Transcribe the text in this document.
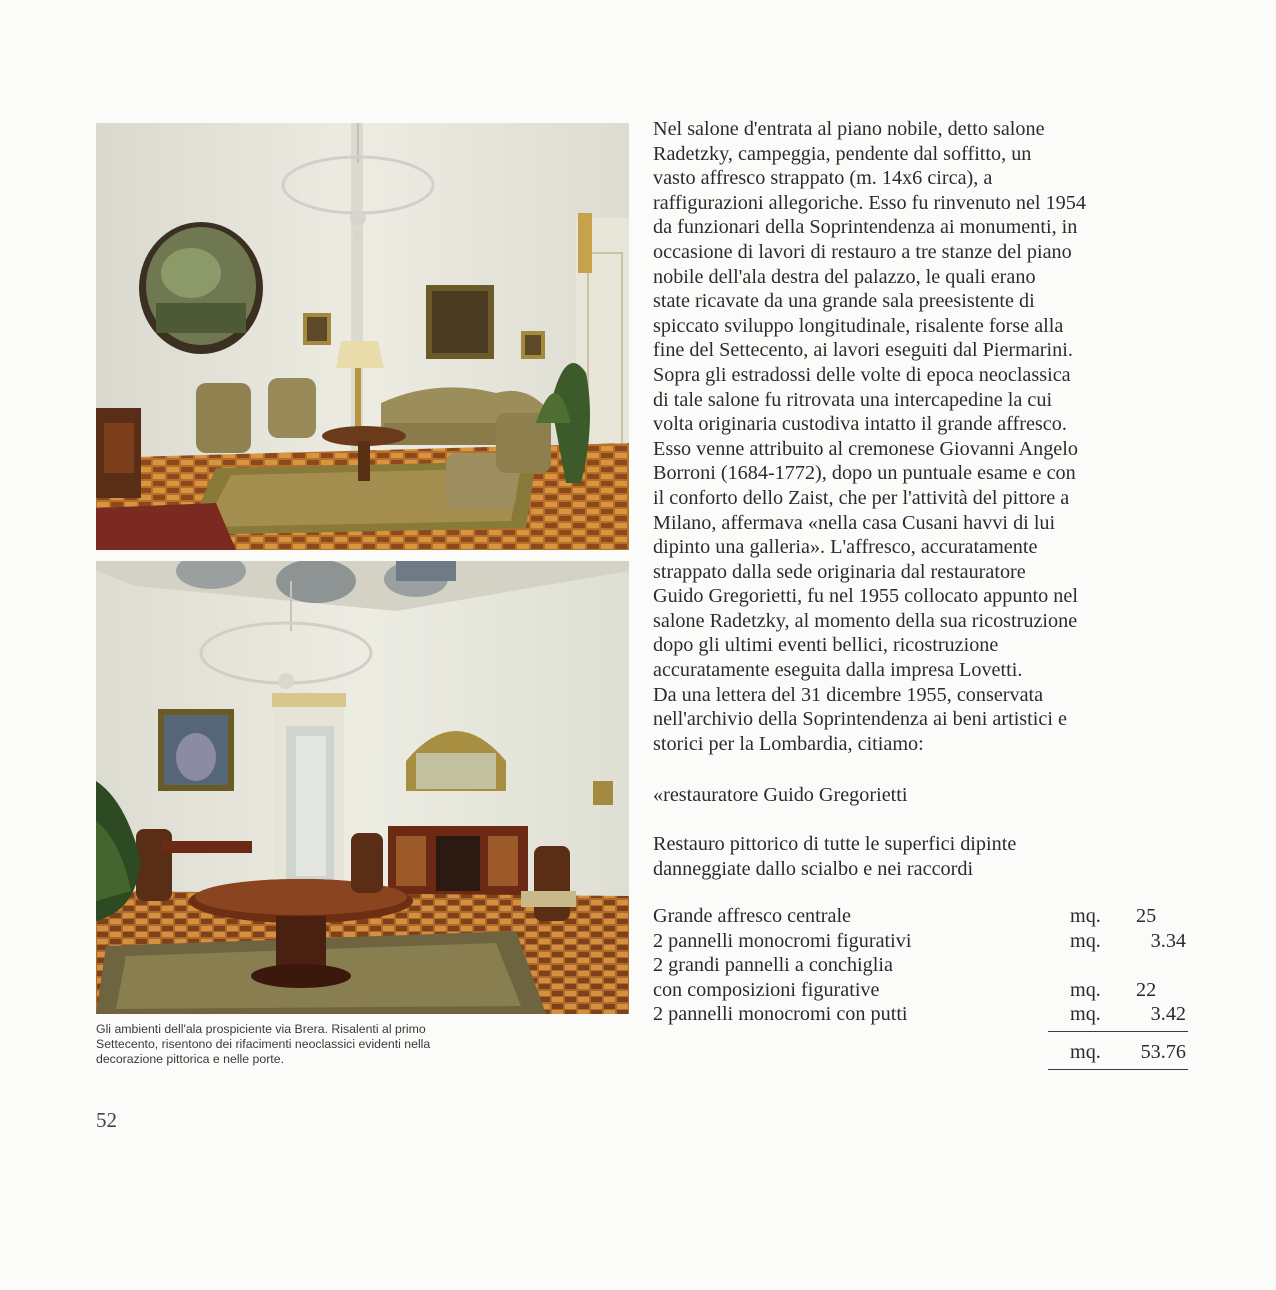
Gli ambienti dell'ala prospiciente via Brera. Risalenti al primo
Settecento, risentono dei rifacimenti neoclassici evidenti nella
decorazione pittorica e nelle porte.
52
Nel salone d'entrata al piano nobile, detto salone
Radetzky, campeggia, pendente dal soffitto, un
vasto affresco strappato (m. 14x6 circa), a
raffigurazioni allegoriche. Esso fu rinvenuto nel 1954
da funzionari della Soprintendenza ai monumenti, in
occasione di lavori di restauro a tre stanze del piano
nobile dell'ala destra del palazzo, le quali erano
state ricavate da una grande sala preesistente di
spiccato sviluppo longitudinale, risalente forse alla
fine del Settecento, ai lavori eseguiti dal Piermarini.
Sopra gli estradossi delle volte di epoca neoclassica
di tale salone fu ritrovata una intercapedine la cui
volta originaria custodiva intatto il grande affresco.
Esso venne attribuito al cremonese Giovanni Angelo
Borroni (1684-1772), dopo un puntuale esame e con
il conforto dello Zaist, che per l'attività del pittore a
Milano, affermava «nella casa Cusani havvi di lui
dipinto una galleria». L'affresco, accuratamente
strappato dalla sede originaria dal restauratore
Guido Gregorietti, fu nel 1955 collocato appunto nel
salone Radetzky, al momento della sua ricostruzione
dopo gli ultimi eventi bellici, ricostruzione
accuratamente eseguita dalla impresa Lovetti.
Da una lettera del 31 dicembre 1955, conservata
nell'archivio della Soprintendenza ai beni artistici e
storici per la Lombardia, citiamo:
«restauratore Guido Gregorietti
Restauro pittorico di tutte le superfici dipinte
danneggiate dallo scialbo e nei raccordi
Grande affresco centrale	mq. 25
2 pannelli monocromi figurativi	mq. 3.34
2 grandi pannelli a conchiglia
con composizioni figurative	mq. 22
2 pannelli monocromi con putti	mq. 3.42
mq. 53.76
